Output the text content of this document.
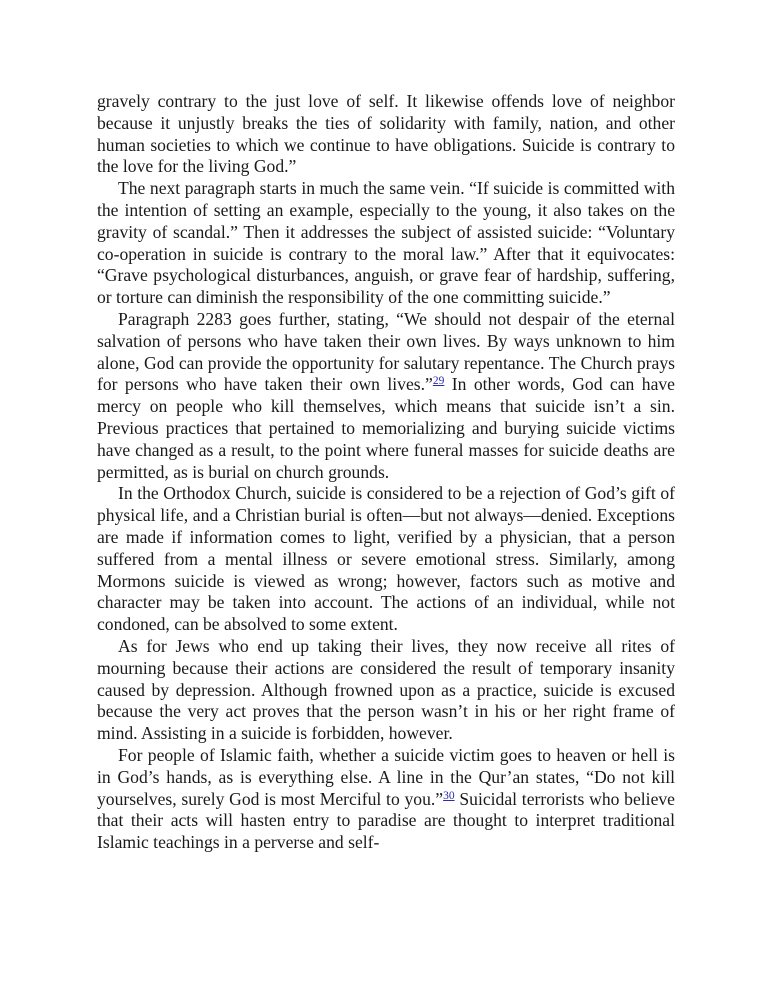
gravely contrary to the just love of self. It likewise offends love of neighbor because it unjustly breaks the ties of solidarity with family, nation, and other human societies to which we continue to have obligations. Suicide is contrary to the love for the living God.”

The next paragraph starts in much the same vein. “If suicide is committed with the intention of setting an example, especially to the young, it also takes on the gravity of scandal.” Then it addresses the subject of assisted suicide: “Voluntary co-operation in suicide is contrary to the moral law.” After that it equivocates: “Grave psychological disturbances, anguish, or grave fear of hardship, suffering, or torture can diminish the responsibility of the one committing suicide.”

Paragraph 2283 goes further, stating, “We should not despair of the eternal salvation of persons who have taken their own lives. By ways unknown to him alone, God can provide the opportunity for salutary repentance. The Church prays for persons who have taken their own lives.”$^{29}$ In other words, God can have mercy on people who kill themselves, which means that suicide isn’t a sin. Previous practices that pertained to memorializing and burying suicide victims have changed as a result, to the point where funeral masses for suicide deaths are permitted, as is burial on church grounds.

In the Orthodox Church, suicide is considered to be a rejection of God’s gift of physical life, and a Christian burial is often—but not always—denied. Exceptions are made if information comes to light, verified by a physician, that a person suffered from a mental illness or severe emotional stress. Similarly, among Mormons suicide is viewed as wrong; however, factors such as motive and character may be taken into account. The actions of an individual, while not condoned, can be absolved to some extent.

As for Jews who end up taking their lives, they now receive all rites of mourning because their actions are considered the result of temporary insanity caused by depression. Although frowned upon as a practice, suicide is excused because the very act proves that the person wasn’t in his or her right frame of mind. Assisting in a suicide is forbidden, however.

For people of Islamic faith, whether a suicide victim goes to heaven or hell is in God’s hands, as is everything else. A line in the Qur’an states, “Do not kill yourselves, surely God is most Merciful to you.”$^{30}$ Suicidal terrorists who believe that their acts will hasten entry to paradise are thought to interpret traditional Islamic teachings in a perverse and self-
